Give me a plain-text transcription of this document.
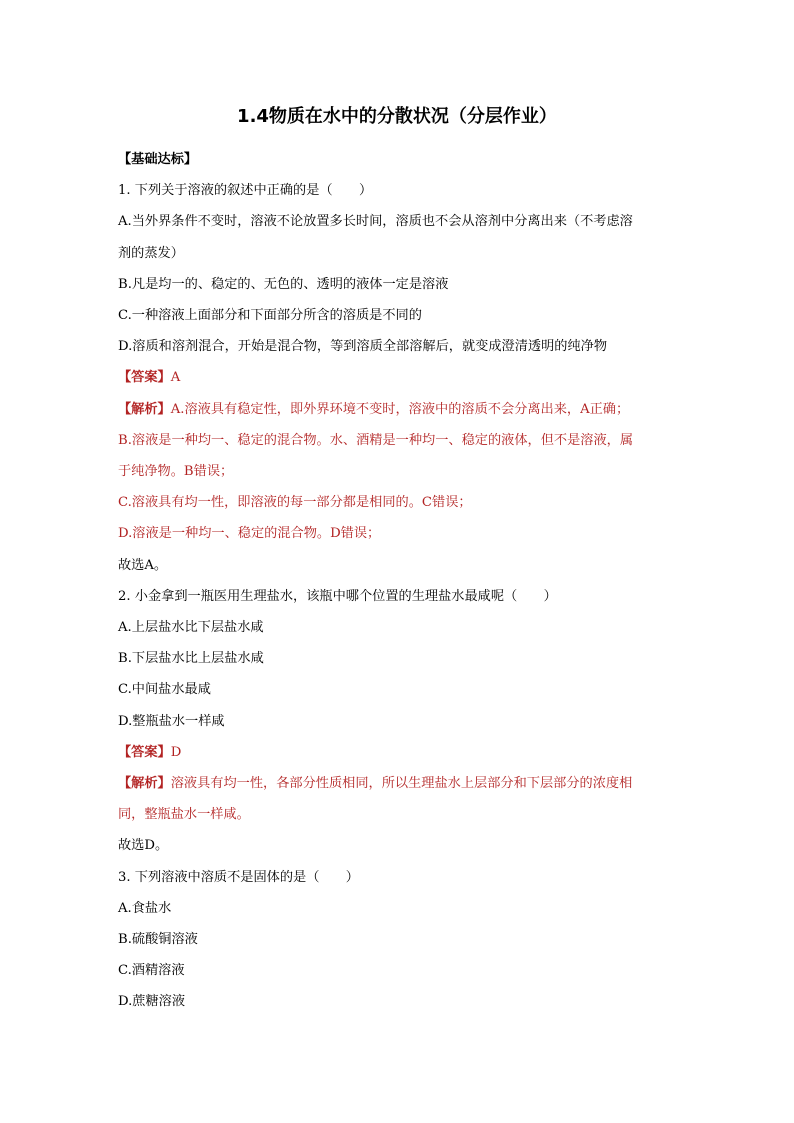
1.4物质在水中的分散状况（分层作业）
【基础达标】
1. 下列关于溶液的叙述中正确的是（　　）
A.当外界条件不变时，溶液不论放置多长时间，溶质也不会从溶剂中分离出来（不考虑溶
剂的蒸发）
B.凡是均一的、稳定的、无色的、透明的液体一定是溶液
C.一种溶液上面部分和下面部分所含的溶质是不同的
D.溶质和溶剂混合，开始是混合物，等到溶质全部溶解后，就变成澄清透明的纯净物
【答案】A
【解析】A.溶液具有稳定性，即外界环境不变时，溶液中的溶质不会分离出来，A正确；
B.溶液是一种均一、稳定的混合物。水、酒精是一种均一、稳定的液体，但不是溶液，属
于纯净物。B错误；
C.溶液具有均一性，即溶液的每一部分都是相同的。C错误；
D.溶液是一种均一、稳定的混合物。D错误；
故选A。
2. 小金拿到一瓶医用生理盐水，该瓶中哪个位置的生理盐水最咸呢（　　）
A.上层盐水比下层盐水咸
B.下层盐水比上层盐水咸
C.中间盐水最咸
D.整瓶盐水一样咸
【答案】D
【解析】溶液具有均一性，各部分性质相同，所以生理盐水上层部分和下层部分的浓度相
同，整瓶盐水一样咸。
故选D。
3. 下列溶液中溶质不是固体的是（　　）
A.食盐水
B.硫酸铜溶液
C.酒精溶液
D.蔗糖溶液
